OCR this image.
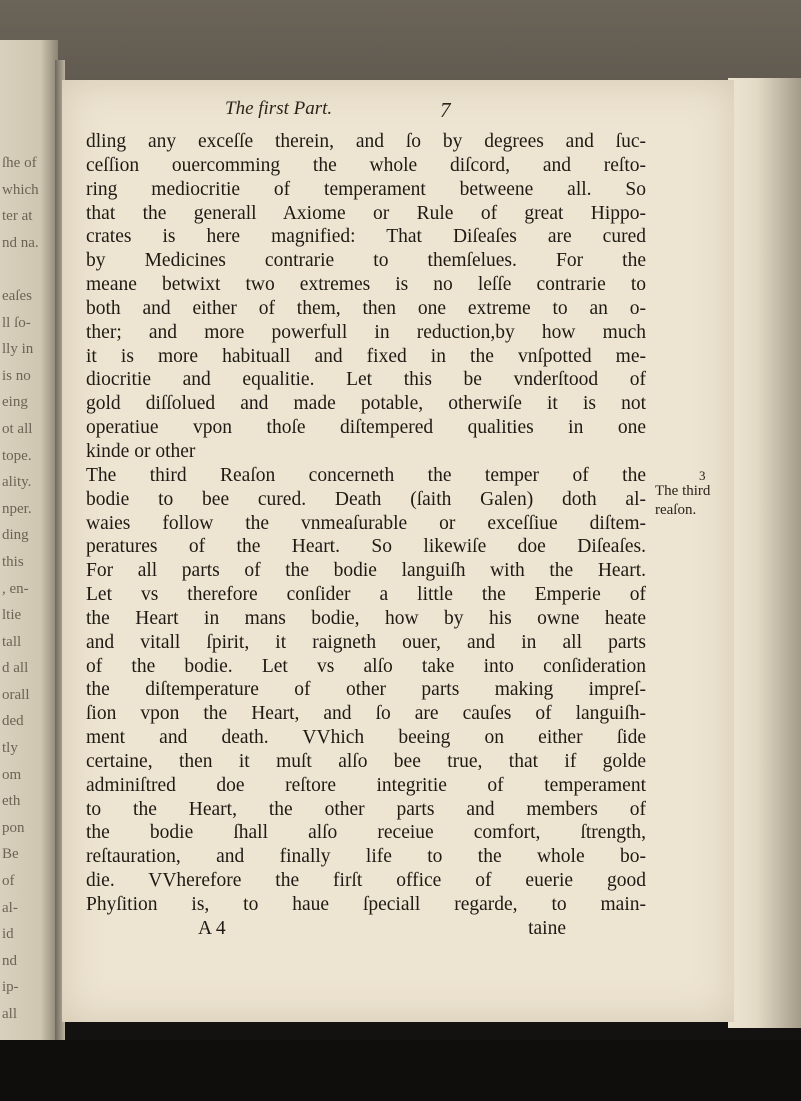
ſhe of
which
ter at
nd na.
eaſes
ll ſo-
lly in
is no
eing
ot all
tope.
ality.
nper.
ding
this
, en-
ltie
tall
d all
orall
ded
tly
om
eth
pon
Be
of
al-
id
nd
ip-
all
The first Part.	7
dling any exceſſe therein, and ſo by degrees and ſuc-
ceſſion ouercomming the whole diſcord, and reſto-
ring mediocritie of temperament betweene all. So
that the generall Axiome or Rule of great Hippo-
crates is here magnified: That Diſeaſes are cured
by Medicines contrarie to themſelues. For the
meane betwixt two extremes is no leſſe contrarie to
both and either of them, then one extreme to an o-
ther; and more powerfull in reduction,by how much
it is more habituall and fixed in the vnſpotted me-
diocritie and equalitie. Let this be vnderſtood of
gold diſſolued and made potable, otherwiſe it is not
operatiue vpon thoſe diſtempered qualities in one
kinde or other
The third Reaſon concerneth the temper of the
bodie to bee cured. Death (ſaith Galen) doth al-
waies follow the vnmeaſurable or exceſſiue diſtem-
peratures of the Heart. So likewiſe doe Diſeaſes.
For all parts of the bodie languiſh with the Heart.
Let vs therefore conſider a little the Emperie of
the Heart in mans bodie, how by his owne heate
and vitall ſpirit, it raigneth ouer, and in all parts
of the bodie. Let vs alſo take into conſideration
the diſtemperature of other parts making impreſ-
ſion vpon the Heart, and ſo are cauſes of languiſh-
ment and death. VVhich beeing on either ſide
certaine, then it muſt alſo bee true, that if golde
adminiſtred doe reſtore integritie of temperament
to the Heart, the other parts and members of
the bodie ſhall alſo receiue comfort, ſtrength,
reſtauration, and finally life to the whole bo-
die. VVherefore the firſt office of euerie good
Phyſition is, to haue ſpeciall regarde, to main-
A 4	taine
3
The third
reaſon.
